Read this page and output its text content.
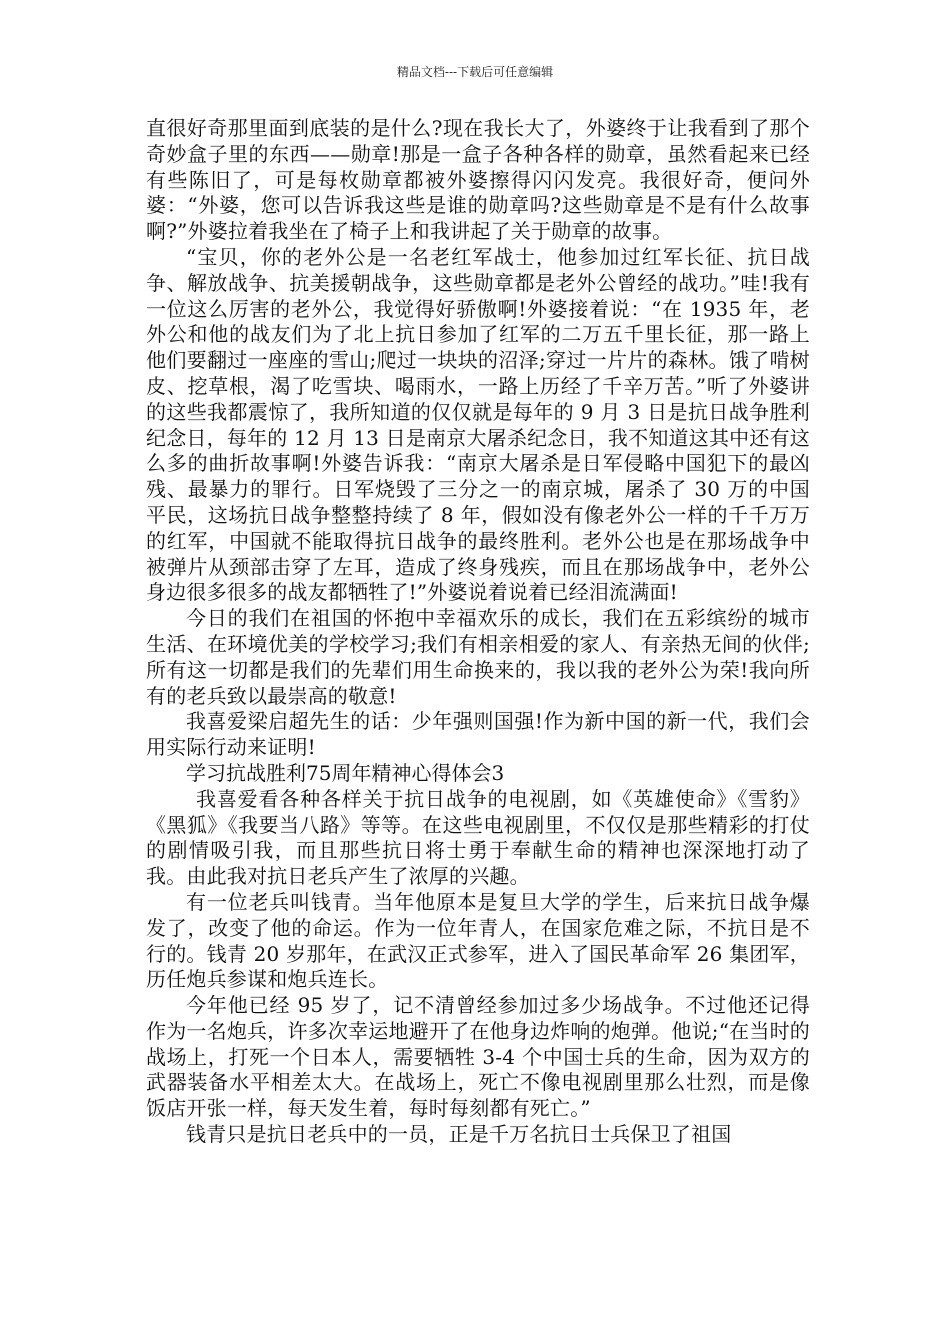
精品文档---下载后可任意编辑

直很好奇那里面到底装的是什么?现在我长大了，外婆终于让我看到了那个奇妙盒子里的东西——勋章!那是一盒子各种各样的勋章，虽然看起来已经有些陈旧了，可是每枚勋章都被外婆擦得闪闪发亮。我很好奇，便问外婆：“外婆，您可以告诉我这些是谁的勋章吗?这些勋章是不是有什么故事啊?”外婆拉着我坐在了椅子上和我讲起了关于勋章的故事。

“宝贝，你的老外公是一名老红军战士，他参加过红军长征、抗日战争、解放战争、抗美援朝战争，这些勋章都是老外公曾经的战功。”哇!我有一位这么厉害的老外公，我觉得好骄傲啊!外婆接着说：“在 1935 年，老外公和他的战友们为了北上抗日参加了红军的二万五千里长征，那一路上他们要翻过一座座的雪山;爬过一块块的沼泽;穿过一片片的森林。饿了啃树皮、挖草根，渴了吃雪块、喝雨水，一路上历经了千辛万苦。”听了外婆讲的这些我都震惊了，我所知道的仅仅就是每年的 9 月 3 日是抗日战争胜利纪念日，每年的 12 月 13 日是南京大屠杀纪念日，我不知道这其中还有这么多的曲折故事啊!外婆告诉我：“南京大屠杀是日军侵略中国犯下的最凶残、最暴力的罪行。日军烧毁了三分之一的南京城，屠杀了 30 万的中国平民，这场抗日战争整整持续了 8 年，假如没有像老外公一样的千千万万的红军，中国就不能取得抗日战争的最终胜利。老外公也是在那场战争中被弹片从颈部击穿了左耳，造成了终身残疾，而且在那场战争中，老外公身边很多很多的战友都牺牲了!”外婆说着说着已经泪流满面!

今日的我们在祖国的怀抱中幸福欢乐的成长，我们在五彩缤纷的城市生活、在环境优美的学校学习;我们有相亲相爱的家人、有亲热无间的伙伴;所有这一切都是我们的先辈们用生命换来的，我以我的老外公为荣!我向所有的老兵致以最崇高的敬意!

我喜爱梁启超先生的话：少年强则国强!作为新中国的新一代，我们会用实际行动来证明!

学习抗战胜利75周年精神心得体会3

我喜爱看各种各样关于抗日战争的电视剧，如《英雄使命》《雪豹》《黑狐》《我要当八路》等等。在这些电视剧里，不仅仅是那些精彩的打仗的剧情吸引我，而且那些抗日将士勇于奉献生命的精神也深深地打动了我。由此我对抗日老兵产生了浓厚的兴趣。

有一位老兵叫钱青。当年他原本是复旦大学的学生，后来抗日战争爆发了，改变了他的命运。作为一位年青人，在国家危难之际，不抗日是不行的。钱青 20 岁那年，在武汉正式参军，进入了国民革命军 26 集团军，历任炮兵参谋和炮兵连长。

今年他已经 95 岁了，记不清曾经参加过多少场战争。不过他还记得作为一名炮兵，许多次幸运地避开了在他身边炸响的炮弹。他说;“在当时的战场上，打死一个日本人，需要牺牲 3-4 个中国士兵的生命，因为双方的武器装备水平相差太大。在战场上，死亡不像电视剧里那么壮烈，而是像饭店开张一样，每天发生着，每时每刻都有死亡。”

钱青只是抗日老兵中的一员，正是千万名抗日士兵保卫了祖国
